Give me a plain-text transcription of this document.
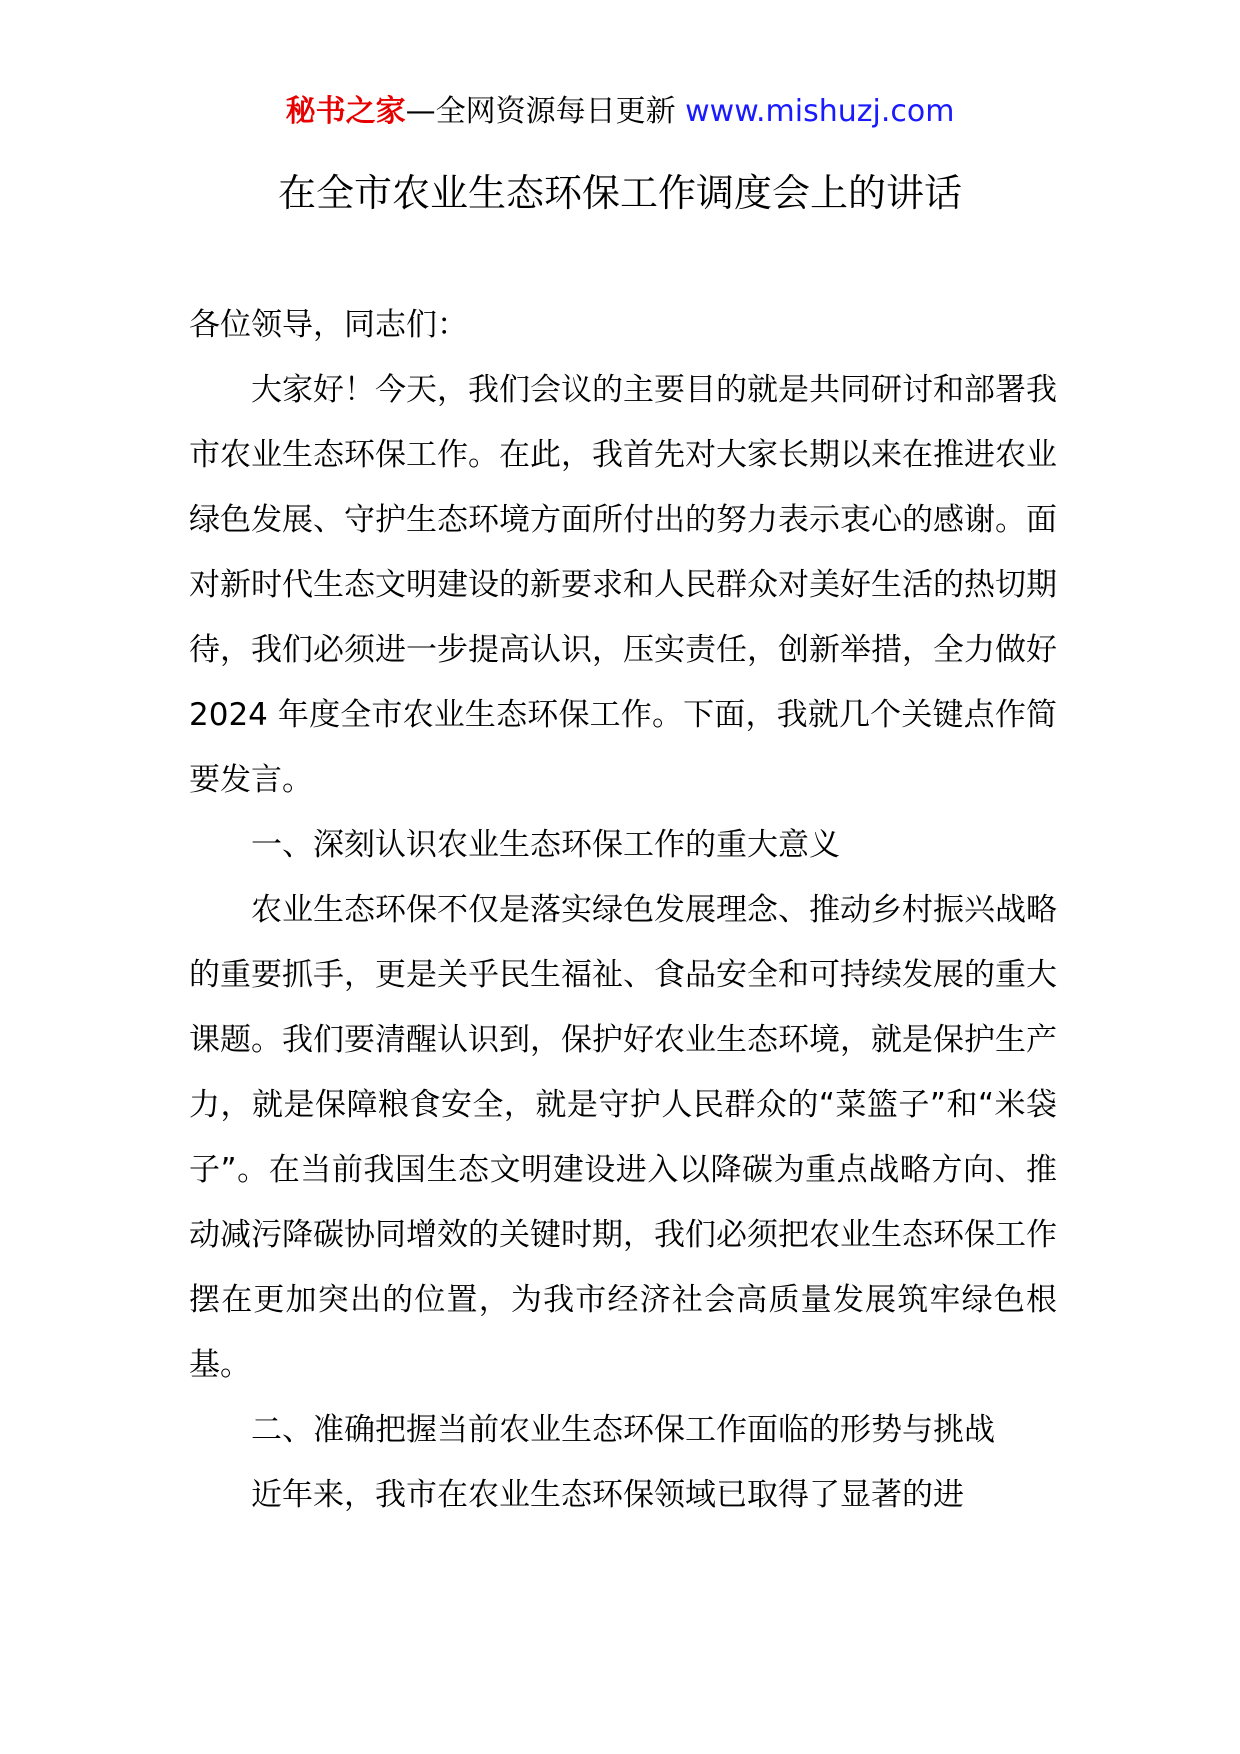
秘书之家—全网资源每日更新 www.mishuzj.com
在全市农业生态环保工作调度会上的讲话

各位领导，同志们：

大家好！今天，我们会议的主要目的就是共同研讨和部署我市农业生态环保工作。在此，我首先对大家长期以来在推进农业绿色发展、守护生态环境方面所付出的努力表示衷心的感谢。面对新时代生态文明建设的新要求和人民群众对美好生活的热切期待，我们必须进一步提高认识，压实责任，创新举措，全力做好 2024 年度全市农业生态环保工作。下面，我就几个关键点作简要发言。

一、深刻认识农业生态环保工作的重大意义

农业生态环保不仅是落实绿色发展理念、推动乡村振兴战略的重要抓手，更是关乎民生福祉、食品安全和可持续发展的重大课题。我们要清醒认识到，保护好农业生态环境，就是保护生产力，就是保障粮食安全，就是守护人民群众的“菜篮子”和“米袋子”。在当前我国生态文明建设进入以降碳为重点战略方向、推动减污降碳协同增效的关键时期，我们必须把农业生态环保工作摆在更加突出的位置，为我市经济社会高质量发展筑牢绿色根基。

二、准确把握当前农业生态环保工作面临的形势与挑战

近年来，我市在农业生态环保领域已取得了显著的进
